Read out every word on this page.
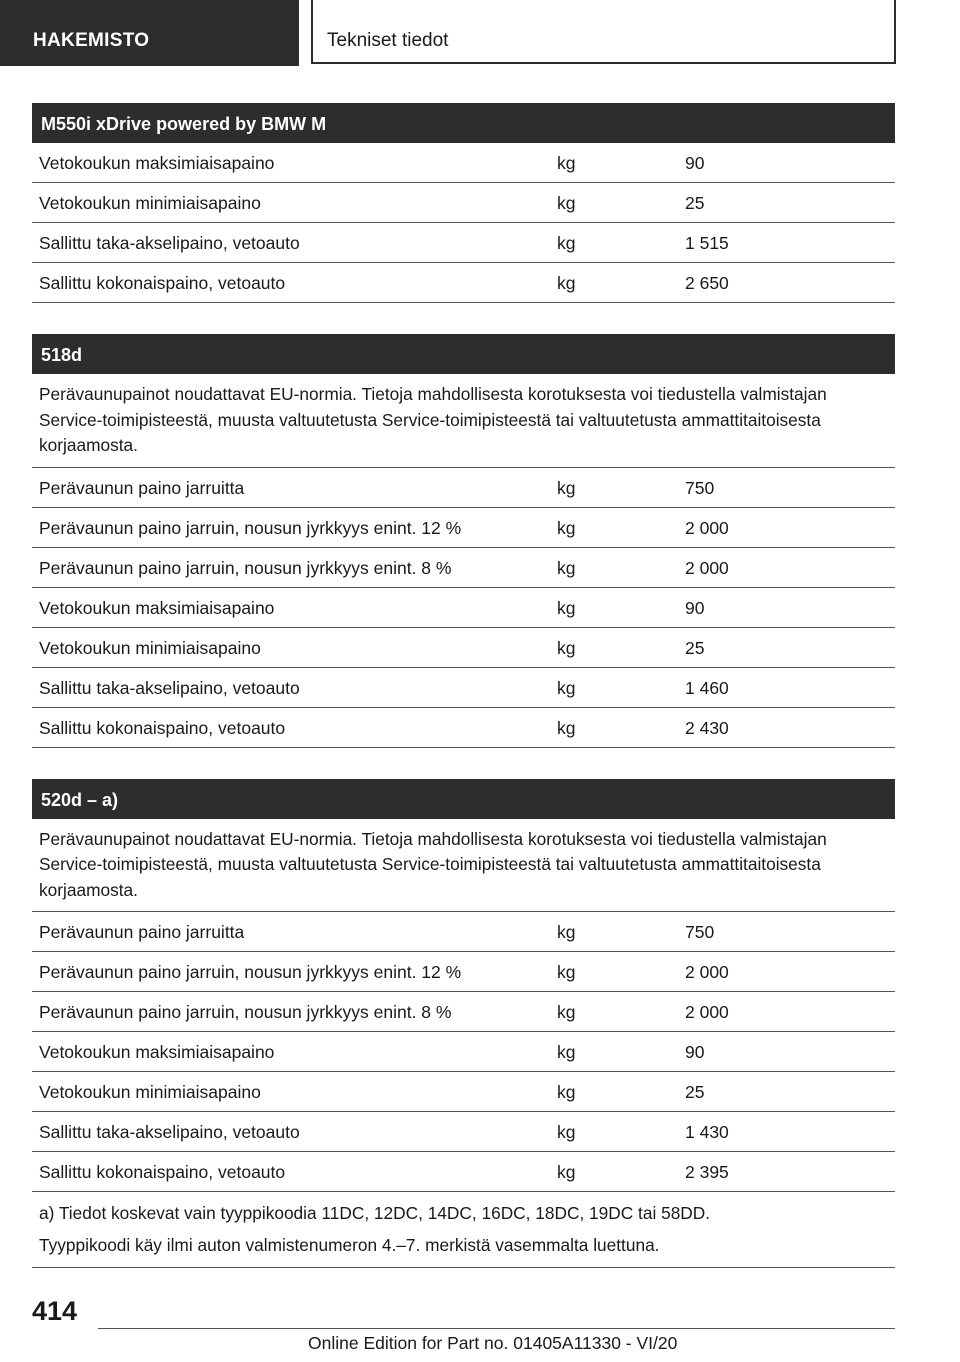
HAKEMISTO	Tekniset tiedot
M550i xDrive powered by BMW M
Vetokoukun maksimiaisapaino	kg	90
Vetokoukun minimiaisapaino	kg	25
Sallittu taka-akselipaino, vetoauto	kg	1 515
Sallittu kokonaispaino, vetoauto	kg	2 650
518d
Perävaunupainot noudattavat EU-normia. Tietoja mahdollisesta korotuksesta voi tiedustella valmistajan Service-toimipisteestä, muusta valtuutetusta Service-toimipisteestä tai valtuutetusta ammattitaitoisesta korjaamosta.
Perävaunun paino jarruitta	kg	750
Perävaunun paino jarruin, nousun jyrkkyys enint. 12 %	kg	2 000
Perävaunun paino jarruin, nousun jyrkkyys enint. 8 %	kg	2 000
Vetokoukun maksimiaisapaino	kg	90
Vetokoukun minimiaisapaino	kg	25
Sallittu taka-akselipaino, vetoauto	kg	1 460
Sallittu kokonaispaino, vetoauto	kg	2 430
520d – a)
Perävaunupainot noudattavat EU-normia. Tietoja mahdollisesta korotuksesta voi tiedustella valmistajan Service-toimipisteestä, muusta valtuutetusta Service-toimipisteestä tai valtuutetusta ammattitaitoisesta korjaamosta.
Perävaunun paino jarruitta	kg	750
Perävaunun paino jarruin, nousun jyrkkyys enint. 12 %	kg	2 000
Perävaunun paino jarruin, nousun jyrkkyys enint. 8 %	kg	2 000
Vetokoukun maksimiaisapaino	kg	90
Vetokoukun minimiaisapaino	kg	25
Sallittu taka-akselipaino, vetoauto	kg	1 430
Sallittu kokonaispaino, vetoauto	kg	2 395

a) Tiedot koskevat vain tyyppikoodia 11DC, 12DC, 14DC, 16DC, 18DC, 19DC tai 58DD.

Tyyppikoodi käy ilmi auton valmistenumeron 4.–7. merkistä vasemmalta luettuna.

414
Online Edition for Part no. 01405A11330 - VI/20
